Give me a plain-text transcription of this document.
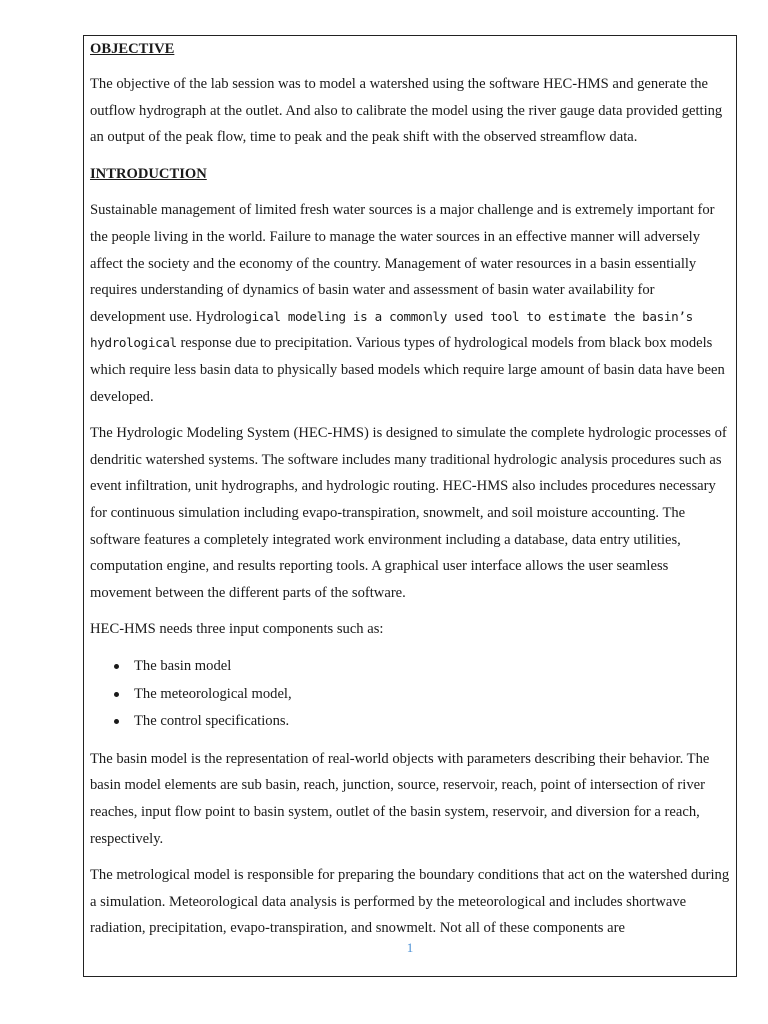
OBJECTIVE

The objective of the lab session was to model a watershed using the software HEC-HMS and generate the outflow hydrograph at the outlet. And also to calibrate the model using the river gauge data provided getting an output of the peak flow, time to peak and the peak shift with the observed streamflow data.

INTRODUCTION

Sustainable management of limited fresh water sources is a major challenge and is extremely important for the people living in the world. Failure to manage the water sources in an effective manner will adversely affect the society and the economy of the country. Management of water resources in a basin essentially requires understanding of dynamics of basin water and assessment of basin water availability for development use. Hydrological modeling is a commonly used tool to estimate the basin’s hydrological response due to precipitation. Various types of hydrological models from black box models which require less basin data to physically based models which require large amount of basin data have been developed.

The Hydrologic Modeling System (HEC-HMS) is designed to simulate the complete hydrologic processes of dendritic watershed systems. The software includes many traditional hydrologic analysis procedures such as event infiltration, unit hydrographs, and hydrologic routing. HEC-HMS also includes procedures necessary for continuous simulation including evapo-transpiration, snowmelt, and soil moisture accounting. The software features a completely integrated work environment including a database, data entry utilities, computation engine, and results reporting tools. A graphical user interface allows the user seamless movement between the different parts of the software.

HEC-HMS needs three input components such as:

The basin model
The meteorological model,
The control specifications.

The basin model is the representation of real-world objects with parameters describing their behavior. The basin model elements are sub basin, reach, junction, source, reservoir, reach, point of intersection of river reaches, input flow point to basin system, outlet of the basin system, reservoir, and diversion for a reach, respectively.

The metrological model is responsible for preparing the boundary conditions that act on the watershed during a simulation. Meteorological data analysis is performed by the meteorological and includes shortwave radiation, precipitation, evapo-transpiration, and snowmelt. Not all of these components are

1
